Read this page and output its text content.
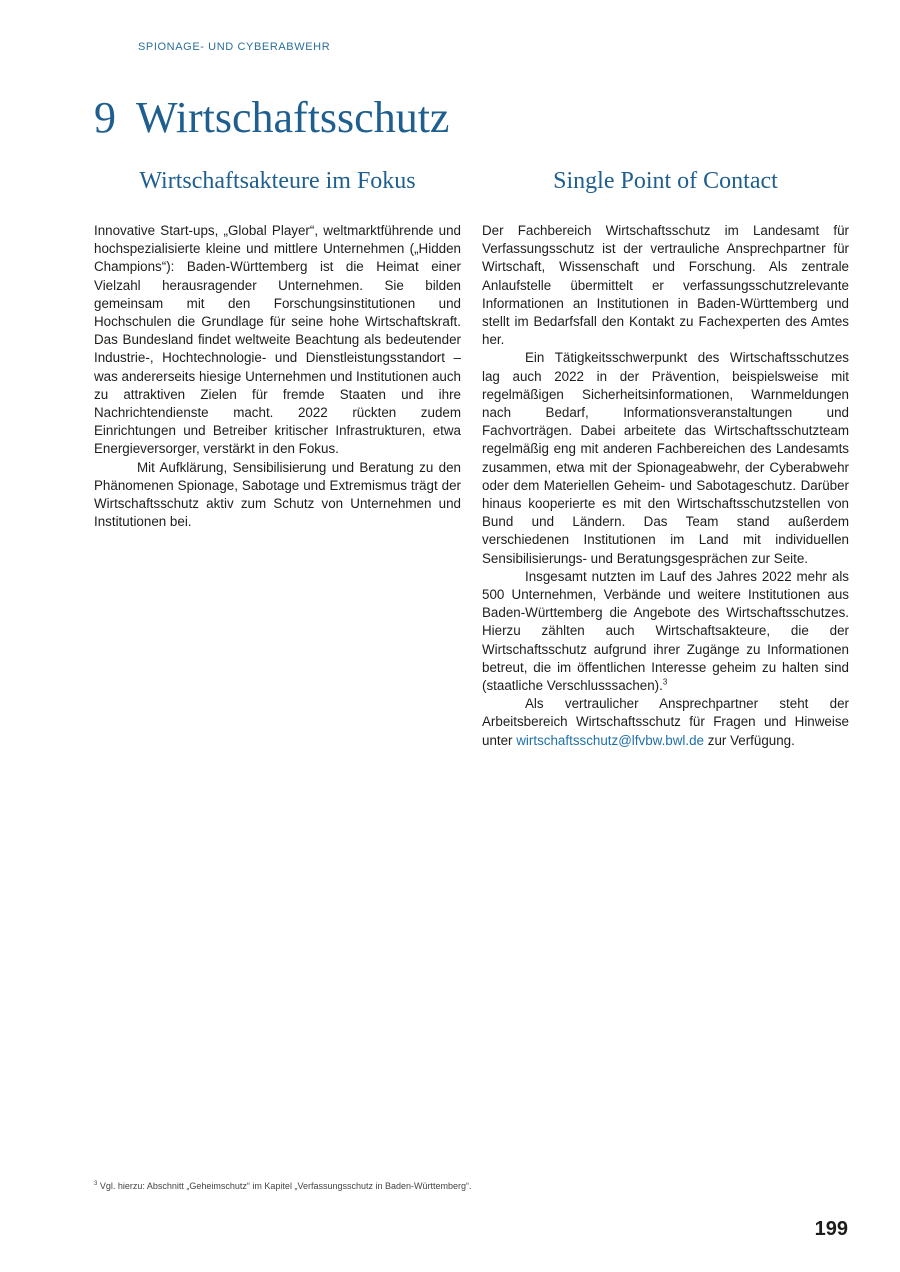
SPIONAGE- UND CYBERABWEHR
9 Wirtschaftsschutz
Wirtschaftsakteure im Fokus

Innovative Start-ups, „Global Player“, weltmarktführende und hochspezialisierte kleine und mittlere Unternehmen („Hidden Champions“): Baden-Württemberg ist die Heimat einer Vielzahl herausragender Unternehmen. Sie bilden gemeinsam mit den Forschungsinstitutionen und Hochschulen die Grundlage für seine hohe Wirtschaftskraft. Das Bundesland findet weltweite Beachtung als bedeutender Industrie-, Hochtechnologie- und Dienstleistungsstandort – was andererseits hiesige Unternehmen und Institutionen auch zu attraktiven Zielen für fremde Staaten und ihre Nachrichtendienste macht. 2022 rückten zudem Einrichtungen und Betreiber kritischer Infrastrukturen, etwa Energieversorger, verstärkt in den Fokus.

Mit Aufklärung, Sensibilisierung und Beratung zu den Phänomenen Spionage, Sabotage und Extremismus trägt der Wirtschaftsschutz aktiv zum Schutz von Unternehmen und Institutionen bei.

Single Point of Contact

Der Fachbereich Wirtschaftsschutz im Landesamt für Verfassungsschutz ist der vertrauliche Ansprechpartner für Wirtschaft, Wissenschaft und Forschung. Als zentrale Anlaufstelle übermittelt er verfassungsschutzrelevante Informationen an Institutionen in Baden-Württemberg und stellt im Bedarfsfall den Kontakt zu Fachexperten des Amtes her.

Ein Tätigkeitsschwerpunkt des Wirtschaftsschutzes lag auch 2022 in der Prävention, beispielsweise mit regelmäßigen Sicherheitsinformationen, Warnmeldungen nach Bedarf, Informationsveranstaltungen und Fachvorträgen. Dabei arbeitete das Wirtschaftsschutzteam regelmäßig eng mit anderen Fachbereichen des Landesamts zusammen, etwa mit der Spionageabwehr, der Cyberabwehr oder dem Materiellen Geheim- und Sabotageschutz. Darüber hinaus kooperierte es mit den Wirtschaftsschutzstellen von Bund und Ländern. Das Team stand außerdem verschiedenen Institutionen im Land mit individuellen Sensibilisierungs- und Beratungsgesprächen zur Seite.

Insgesamt nutzten im Lauf des Jahres 2022 mehr als 500 Unternehmen, Verbände und weitere Institutionen aus Baden-Württemberg die Angebote des Wirtschaftsschutzes. Hierzu zählten auch Wirtschaftsakteure, die der Wirtschaftsschutz aufgrund ihrer Zugänge zu Informationen betreut, die im öffentlichen Interesse geheim zu halten sind (staatliche Verschlusssachen).$^3$

Als vertraulicher Ansprechpartner steht der Arbeitsbereich Wirtschaftsschutz für Fragen und Hinweise unter wirtschaftsschutz@lfvbw.bwl.de zur Verfügung.

$^3$ Vgl. hierzu: Abschnitt „Geheimschutz“ im Kapitel „Verfassungsschutz in Baden-Württemberg“.
199
